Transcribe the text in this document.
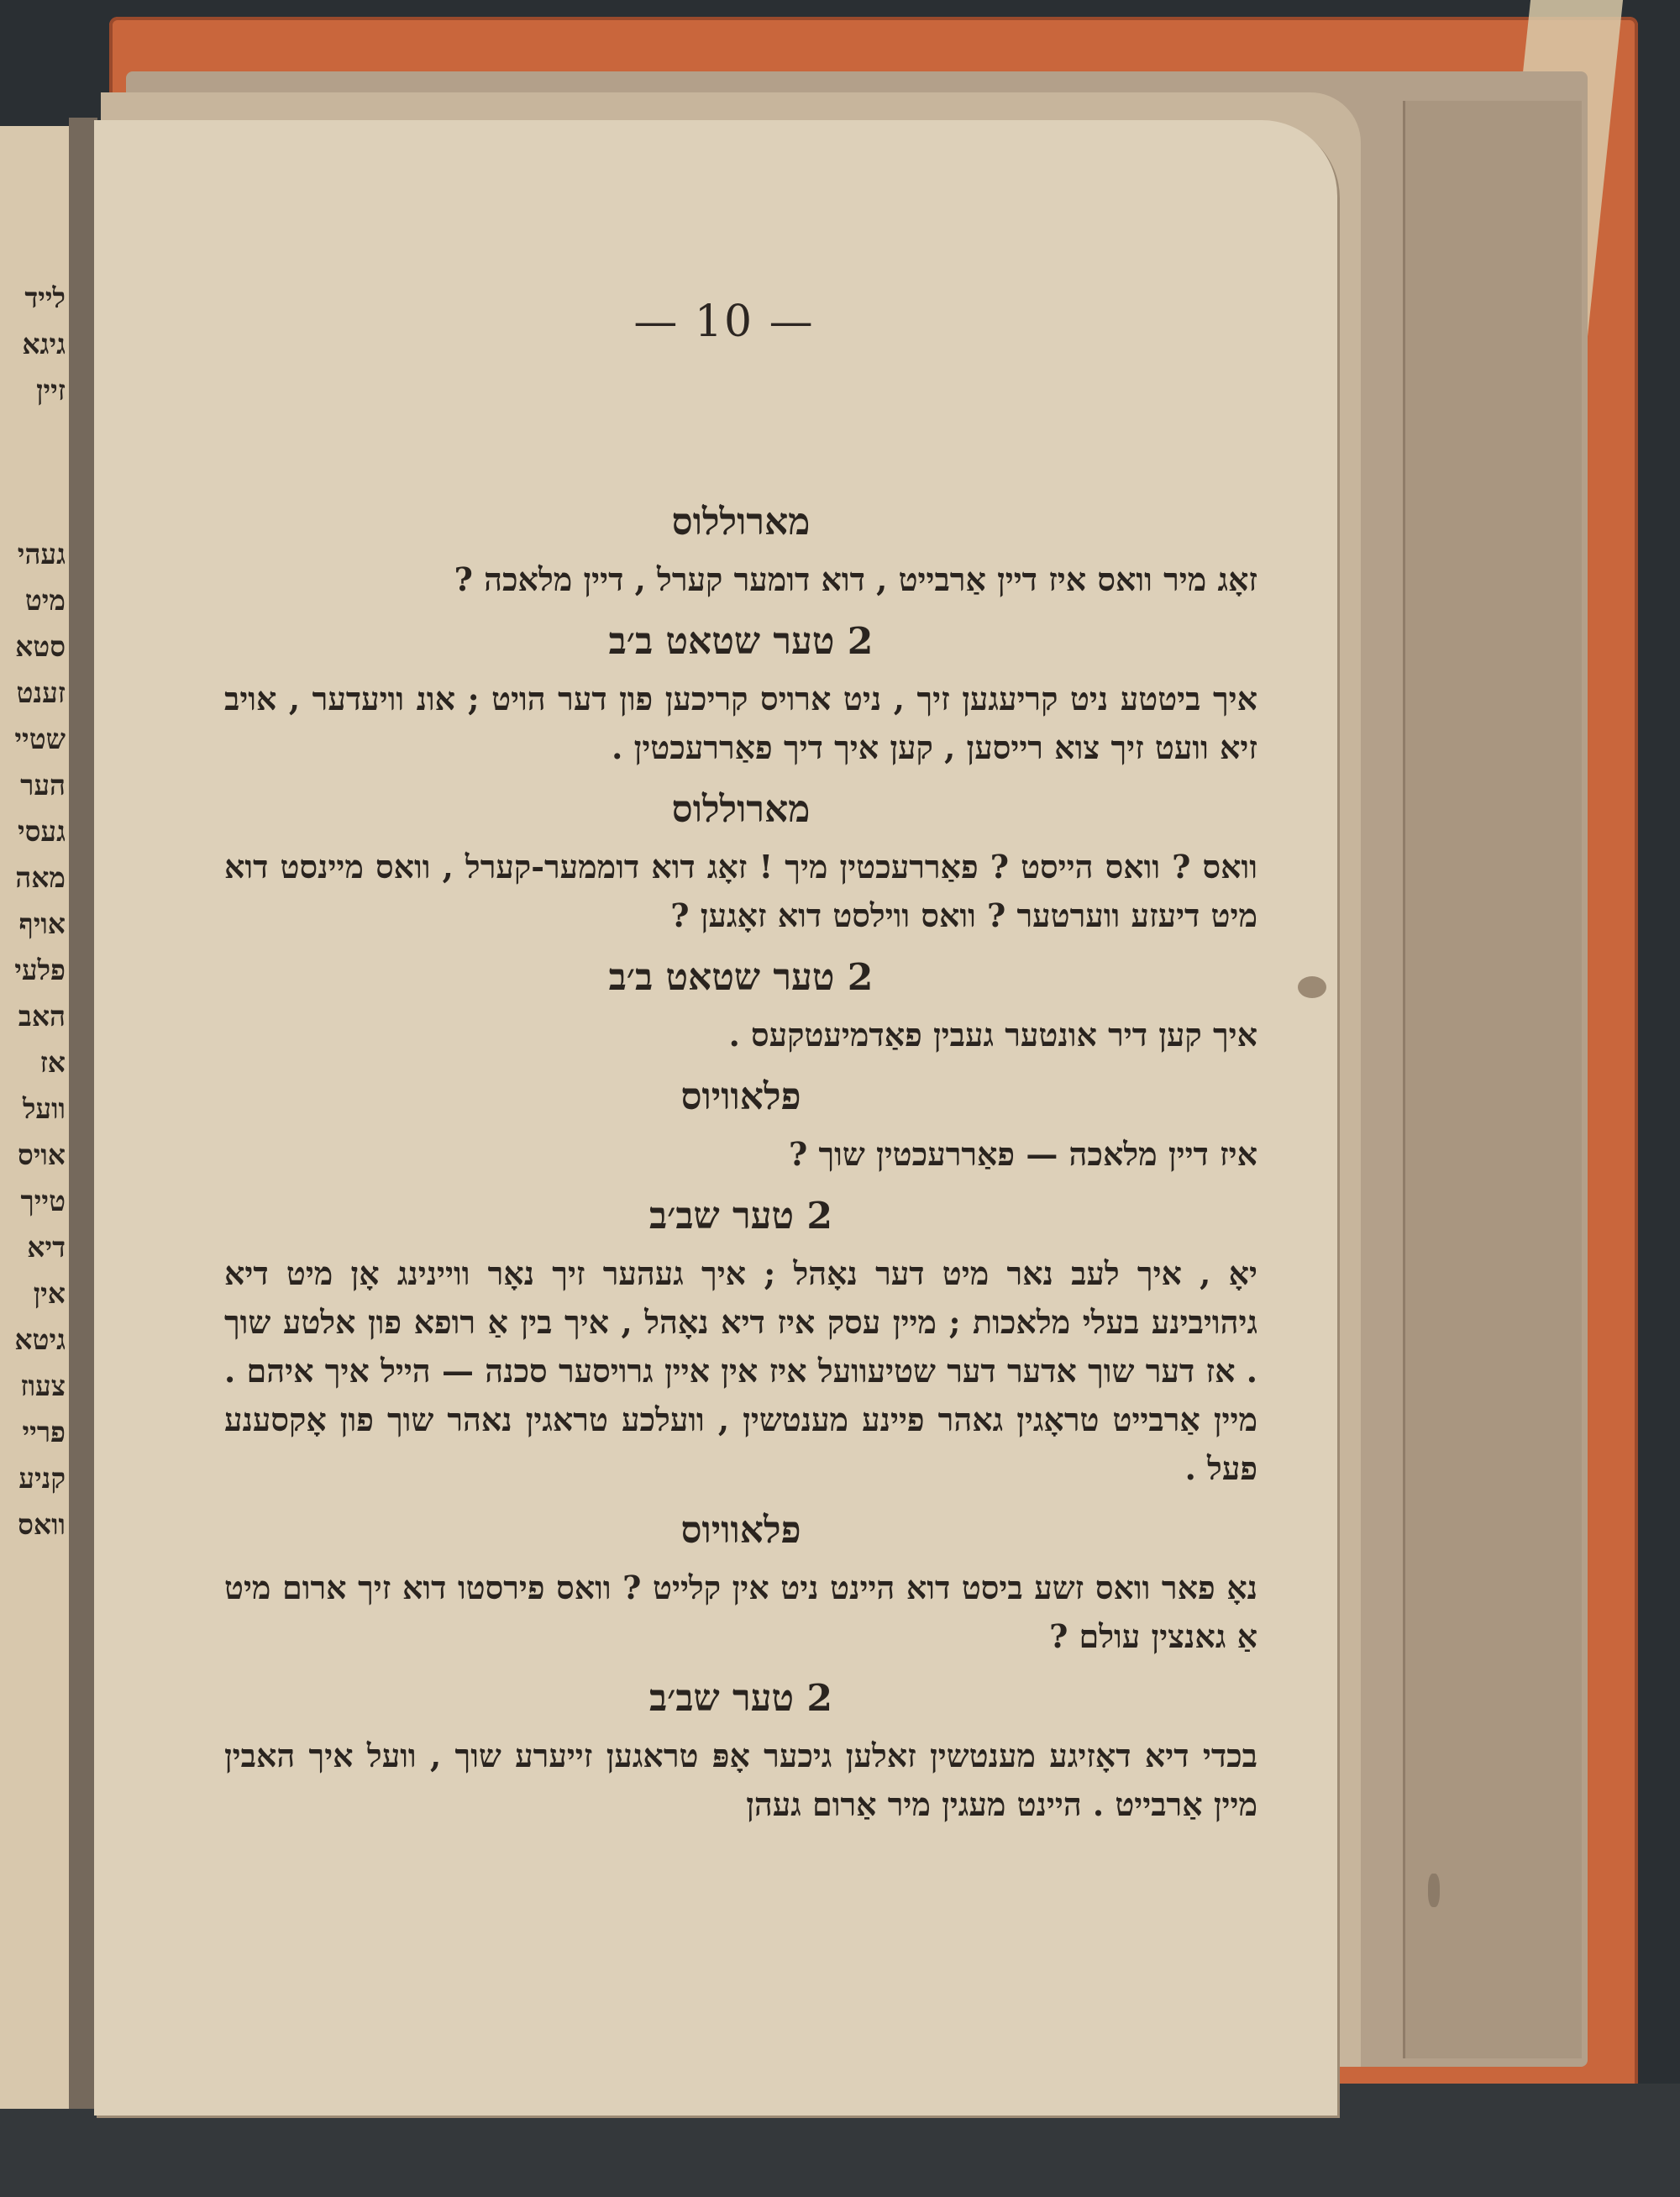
לייד
גיגא
זיין
געהי
מיט
סטא
זענט
שטיי
הער
געסי
מאה
אויף
פלעי
האב
אז
וועל
אויס
טייך
דיא
אין
גיטא
צעוז
פריי
קניע
וואס
— 10 —
מארוללוס
זאָג מיר וואס איז דיין אַרבייט , דוא דומער קערל , דיין מלאכה ?
2 טער שטאט ב׳ב
איך ביטטע ניט קריעגען זיך , ניט ארויס קריכען פון דער הויט ; אונ וויעדער , אויב זיא וועט זיך צוא רייסען , קען איך דיך פאַררעכטין .
מארוללוס
וואס ? וואס הייסט ? פאַררעכטין מיך ! זאָג דוא דוממער-קערל , וואס מיינסט דוא מיט דיעזע ווערטער ? וואס ווילסט דוא זאָגען ?
2 טער שטאט ב׳ב
איך קען דיר אונטער געבין פאַדמיעטקעס .
פלאוויוס
איז דיין מלאכה — פאַררעכטין שוך ?
2 טער שב׳ב
יאָ , איך לעב נאר מיט דער נאָהל ; איך געהער זיך נאָר וויינינג אָן מיט דיא גיהויבינע בעלי מלאכות ; מיין עסק איז דיא נאָהל , איך בין אַ רופא פון אלטע שוך . אז דער שוך אדער דער שטיעוועל איז אין איין גרויסער סכנה — הייל איך איהם . מיין אַרבייט טראָגין גאהר פיינע מענטשין , וועלכע טראגין נאהר שוך פון אָקסענע פעל .
פלאוויוס
נאָ פאר וואס זשע ביסט דוא היינט ניט אין קלייט ? וואס פירסטו דוא זיך ארום מיט אַ גאנצין עולם ?
2 טער שב׳ב
בכדי דיא דאָזיגע מענטשין זאלען גיכער אָפּ טראגען זייערע שוך , וועל איך האבין מיין אַרבייט . היינט מעגין מיר אַרום געהן
